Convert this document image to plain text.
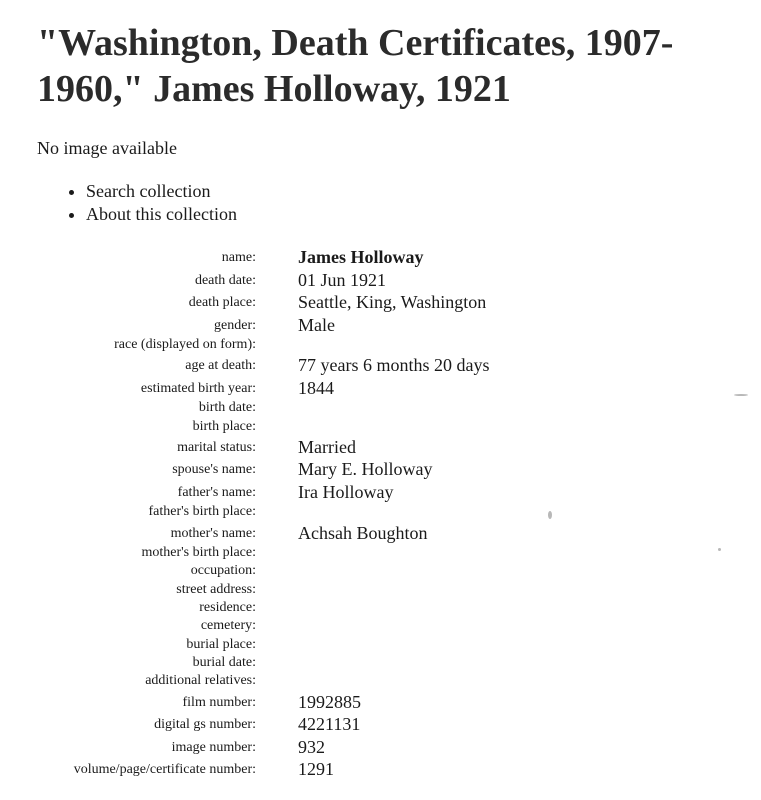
"Washington, Death Certificates, 1907-1960," James Holloway, 1921
No image available
• Search collection
• About this collection
name: James Holloway
death date: 01 Jun 1921
death place: Seattle, King, Washington
gender: Male
race (displayed on form):
age at death: 77 years 6 months 20 days
estimated birth year: 1844
birth date:
birth place:
marital status: Married
spouse's name: Mary E. Holloway
father's name: Ira Holloway
father's birth place:
mother's name: Achsah Boughton
mother's birth place:
occupation:
street address:
residence:
cemetery:
burial place:
burial date:
additional relatives:
film number: 1992885
digital gs number: 4221131
image number: 932
volume/page/certificate number: 1291
